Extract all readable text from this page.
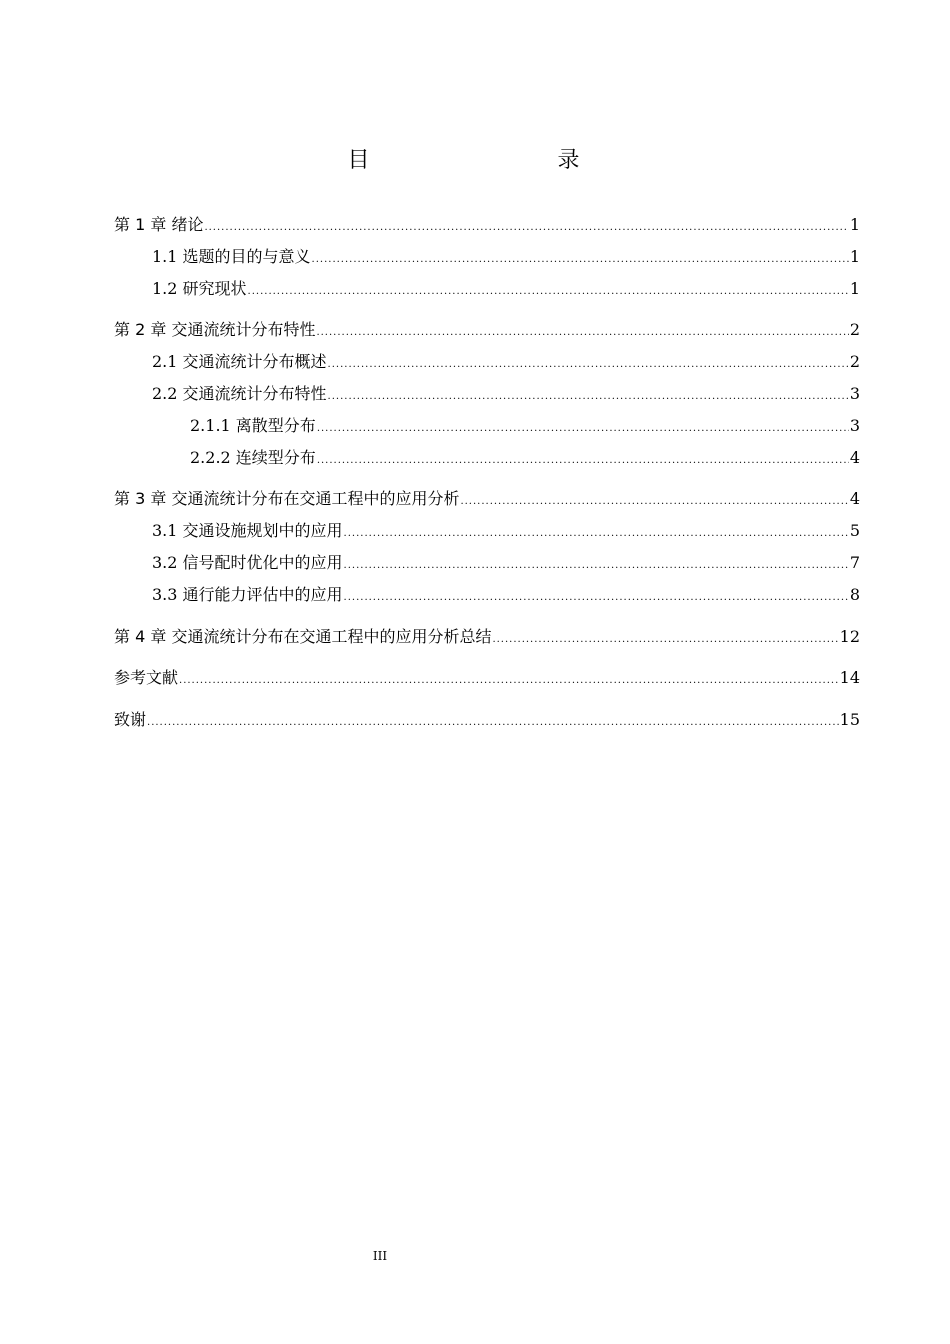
目　　录
第 1 章 绪论 .....	1
1.1 选题的目的与意义 .....	1
1.2 研究现状 .....	1
第 2 章 交通流统计分布特性 .....	2
2.1 交通流统计分布概述 .....	2
2.2 交通流统计分布特性 .....	3
2.1.1 离散型分布 .....	3
2.2.2 连续型分布 .....	4
第 3 章 交通流统计分布在交通工程中的应用分析 .....	4
3.1 交通设施规划中的应用 .....	5
3.2 信号配时优化中的应用 .....	7
3.3 通行能力评估中的应用 .....	8
第 4 章 交通流统计分布在交通工程中的应用分析总结 .....	12
参考文献 .....	14
致谢 .....	15
III
